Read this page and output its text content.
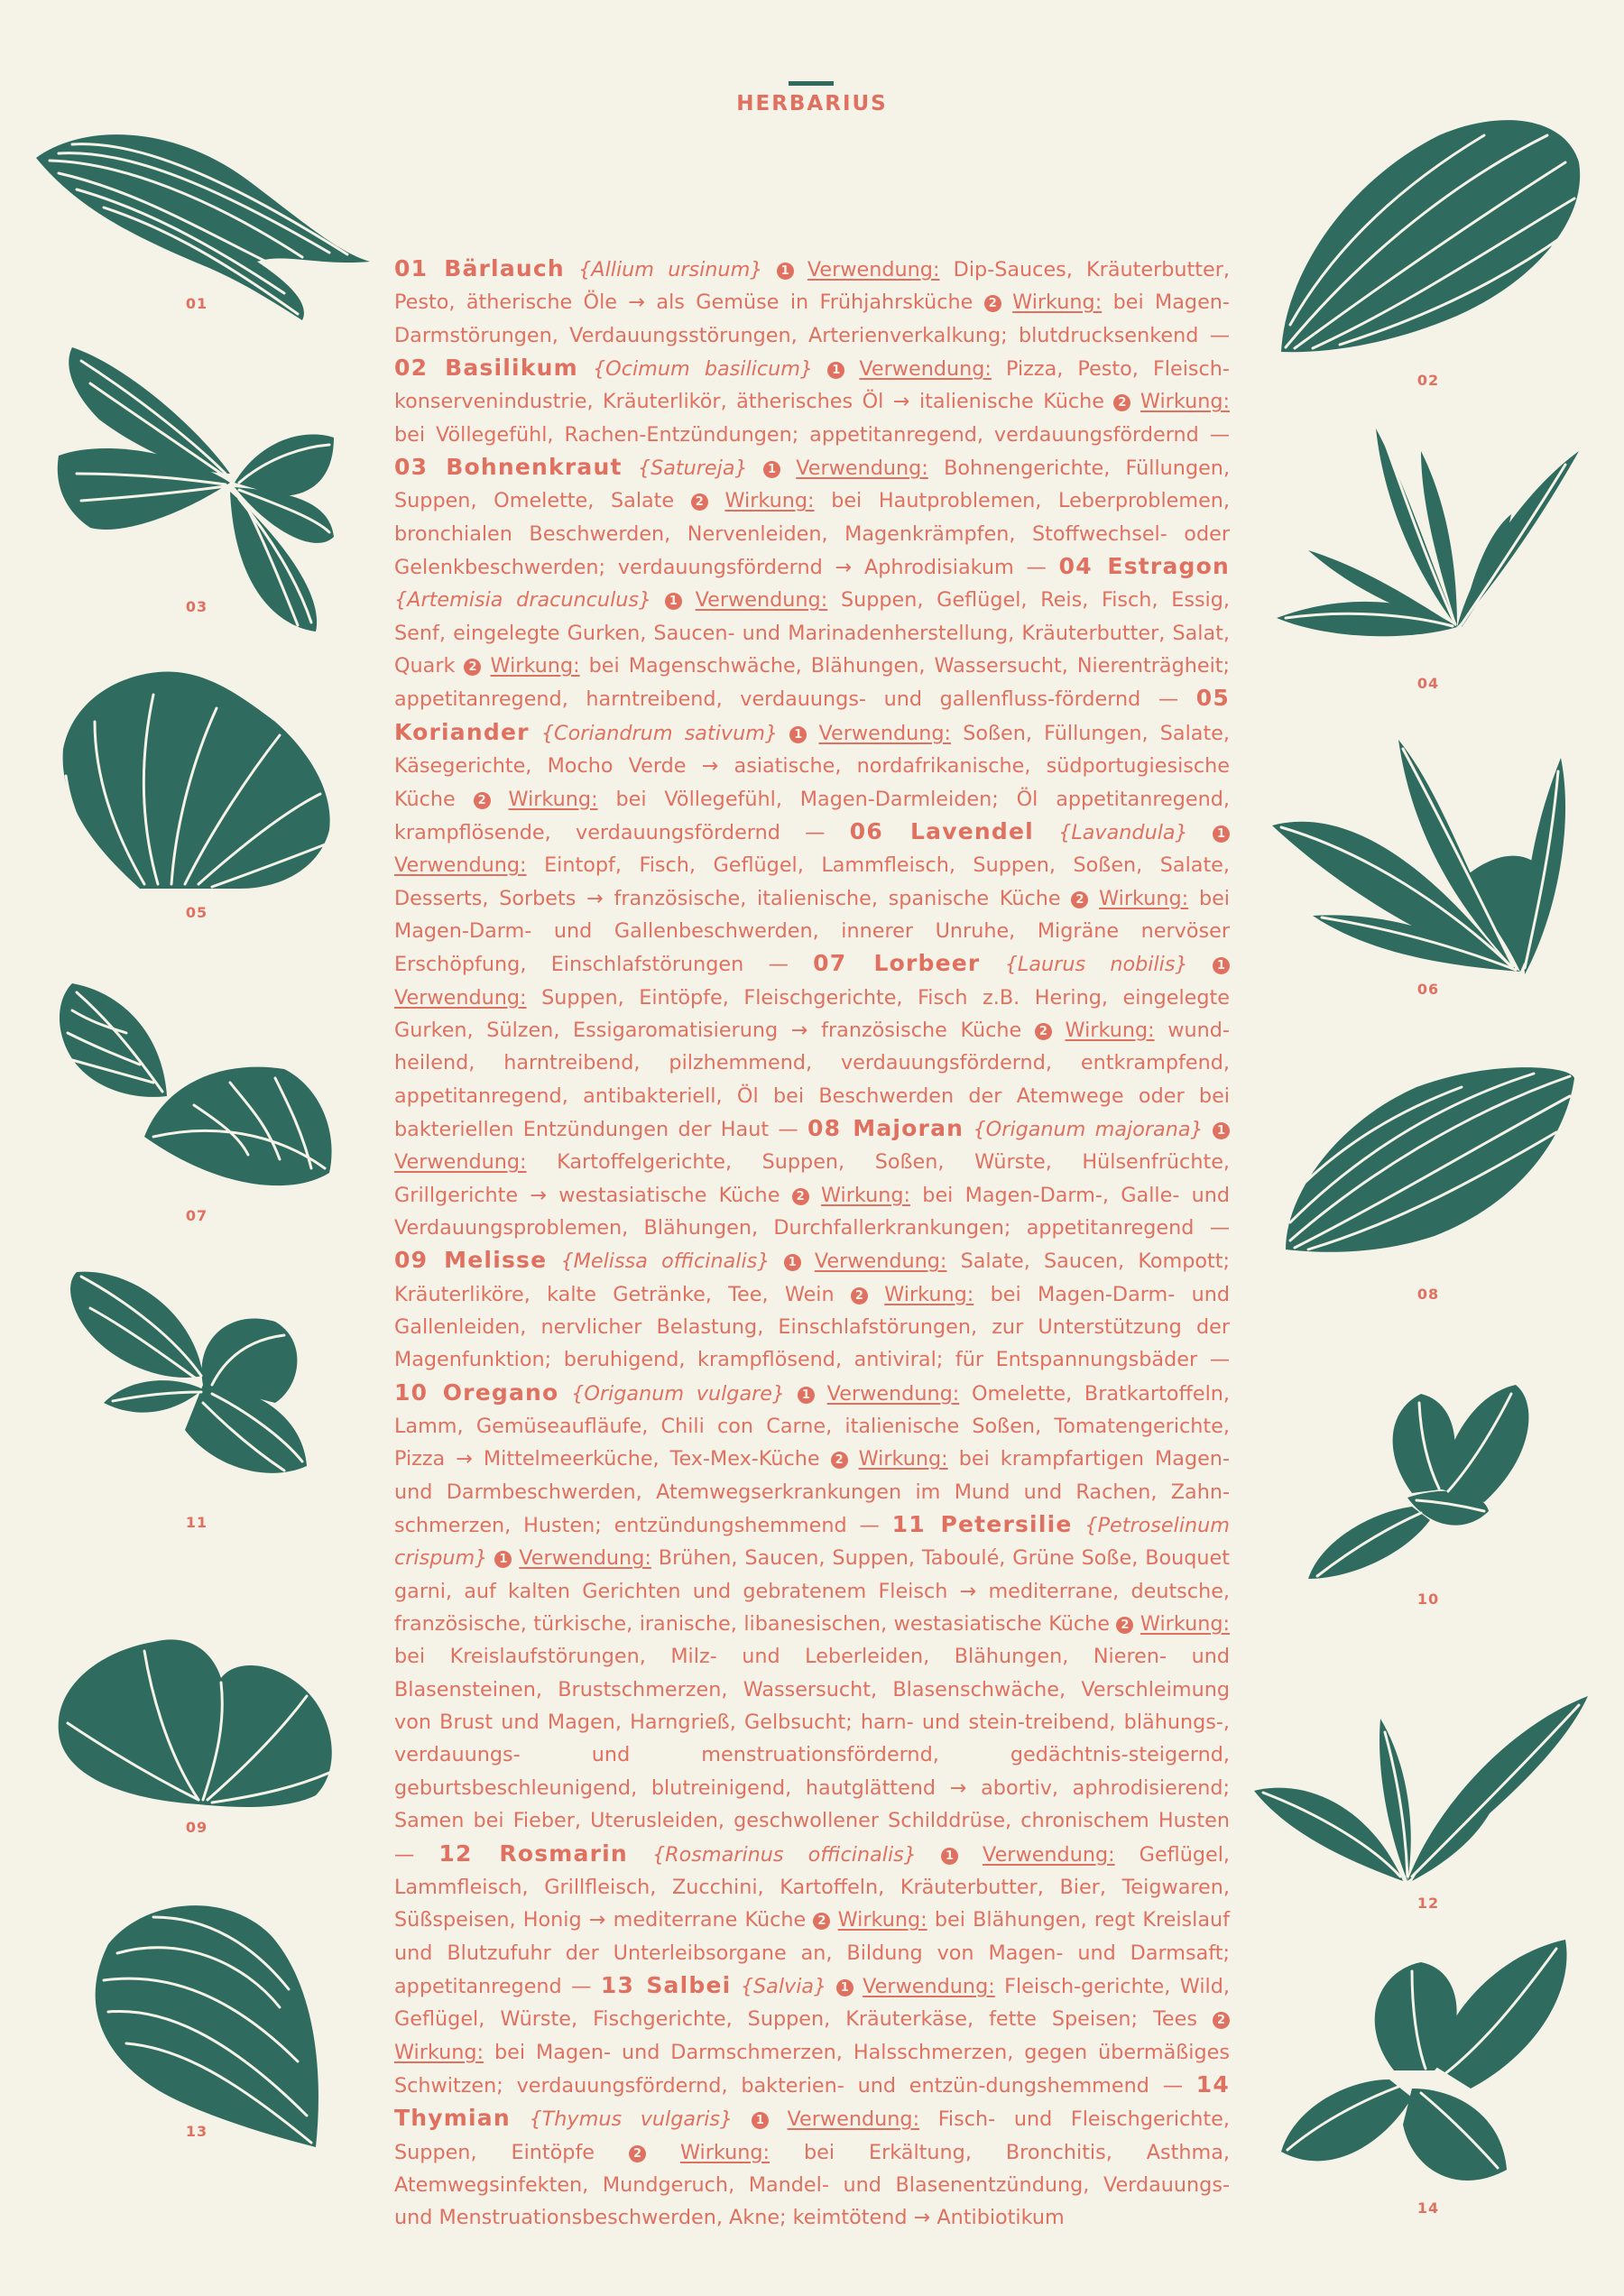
HERBARIUS
01 Bärlauch {Allium ursinum} 1 Verwendung: Dip-Sauces, Kräuterbutter, Pesto, ätherische Öle → als Gemüse in Frühjahrsküche 2 Wirkung: bei Magen-Darmstörungen, Verdauungsstörungen, Arterienverkalkung; blutdrucksenkend — 02 Basilikum {Ocimum basilicum} 1 Verwendung: Pizza, Pesto, Fleisch-konservenindustrie, Kräuterlikör, ätherisches Öl → italienische Küche 2 Wirkung: bei Völlegefühl, Rachen-Entzündungen; appetitanregend, verdauungsfördernd — 03 Bohnenkraut {Satureja} 1 Verwendung: Bohnengerichte, Füllungen, Suppen, Omelette, Salate 2 Wirkung: bei Hautproblemen, Leberproblemen, bronchialen Beschwerden, Nervenleiden, Magenkrämpfen, Stoffwechsel- oder Gelenkbeschwerden; verdauungsfördernd → Aphrodisiakum — 04 Estragon {Artemisia dracunculus} 1 Verwendung: Suppen, Geflügel, Reis, Fisch, Essig, Senf, eingelegte Gurken, Saucen- und Marinadenherstellung, Kräuterbutter, Salat, Quark 2 Wirkung: bei Magenschwäche, Blähungen, Wassersucht, Nierenträgheit; appetitanregend, harntreibend, verdauungs- und gallenfluss-fördernd — 05 Koriander {Coriandrum sativum} 1 Verwendung: Soßen, Füllungen, Salate, Käsegerichte, Mocho Verde → asiatische, nordafrikanische, südportugiesische Küche 2 Wirkung: bei Völlegefühl, Magen-Darmleiden; Öl appetitanregend, krampflösende, verdauungsfördernd — 06 Lavendel {Lavandula} 1 Verwendung: Eintopf, Fisch, Geflügel, Lammfleisch, Suppen, Soßen, Salate, Desserts, Sorbets → französische, italienische, spanische Küche 2 Wirkung: bei Magen-Darm- und Gallenbeschwerden, innerer Unruhe, Migräne nervöser Erschöpfung, Einschlafstörungen — 07 Lorbeer {Laurus nobilis} 1 Verwendung: Suppen, Eintöpfe, Fleischgerichte, Fisch z.B. Hering, eingelegte Gurken, Sülzen, Essigaromatisierung → französische Küche 2 Wirkung: wund-heilend, harntreibend, pilzhemmend, verdauungsfördernd, entkrampfend, appetitanregend, antibakteriell, Öl bei Beschwerden der Atemwege oder bei bakteriellen Entzündungen der Haut — 08 Majoran {Origanum majorana} 1 Verwendung: Kartoffelgerichte, Suppen, Soßen, Würste, Hülsenfrüchte, Grillgerichte → westasiatische Küche 2 Wirkung: bei Magen-Darm-, Galle- und Verdauungsproblemen, Blähungen, Durchfallerkrankungen; appetitanregend — 09 Melisse {Melissa officinalis} 1 Verwendung: Salate, Saucen, Kompott; Kräuterliköre, kalte Getränke, Tee, Wein 2 Wirkung: bei Magen-Darm- und Gallenleiden, nervlicher Belastung, Einschlafstörungen, zur Unterstützung der Magenfunktion; beruhigend, krampflösend, antiviral; für Entspannungsbäder — 10 Oregano {Origanum vulgare} 1 Verwendung: Omelette, Bratkartoffeln, Lamm, Gemüseaufläufe, Chili con Carne, italienische Soßen, Tomatengerichte, Pizza → Mittelmeerküche, Tex-Mex-Küche 2 Wirkung: bei krampfartigen Magen- und Darmbeschwerden, Atemwegserkrankungen im Mund und Rachen, Zahn-schmerzen, Husten; entzündungshemmend — 11 Petersilie {Petroselinum crispum} 1 Verwendung: Brühen, Saucen, Suppen, Taboulé, Grüne Soße, Bouquet garni, auf kalten Gerichten und gebratenem Fleisch → mediterrane, deutsche, französische, türkische, iranische, libanesischen, westasiatische Küche 2 Wirkung: bei Kreislaufstörungen, Milz- und Leberleiden, Blähungen, Nieren- und Blasensteinen, Brustschmerzen, Wassersucht, Blasenschwäche, Verschleimung von Brust und Magen, Harngrieß, Gelbsucht; harn- und stein-treibend, blähungs-, verdauungs- und menstruationsfördernd, gedächtnis-steigernd, geburtsbeschleunigend, blutreinigend, hautglättend → abortiv, aphrodisierend; Samen bei Fieber, Uterusleiden, geschwollener Schilddrüse, chronischem Husten — 12 Rosmarin {Rosmarinus officinalis} 1 Verwendung: Geflügel, Lammfleisch, Grillfleisch, Zucchini, Kartoffeln, Kräuterbutter, Bier, Teigwaren, Süßspeisen, Honig → mediterrane Küche 2 Wirkung: bei Blähungen, regt Kreislauf und Blutzufuhr der Unterleibsorgane an, Bildung von Magen- und Darmsaft; appetitanregend — 13 Salbei {Salvia} 1 Verwendung: Fleisch-gerichte, Wild, Geflügel, Würste, Fischgerichte, Suppen, Kräuterkäse, fette Speisen; Tees 2 Wirkung: bei Magen- und Darmschmerzen, Halsschmerzen, gegen übermäßiges Schwitzen; verdauungsfördernd, bakterien- und entzün-dungshemmend — 14 Thymian {Thymus vulgaris} 1 Verwendung: Fisch- und Fleischgerichte, Suppen, Eintöpfe	2 Wirkung: bei Erkältung, Bronchitis, Asthma, Atemwegsinfekten, Mundgeruch, Mandel- und Blasenentzündung, Verdauungs- und Menstruationsbeschwerden, Akne; keimtötend → Antibiotikum
01
03
05
07
11
09
13
02
04
06
08
10
12
14
